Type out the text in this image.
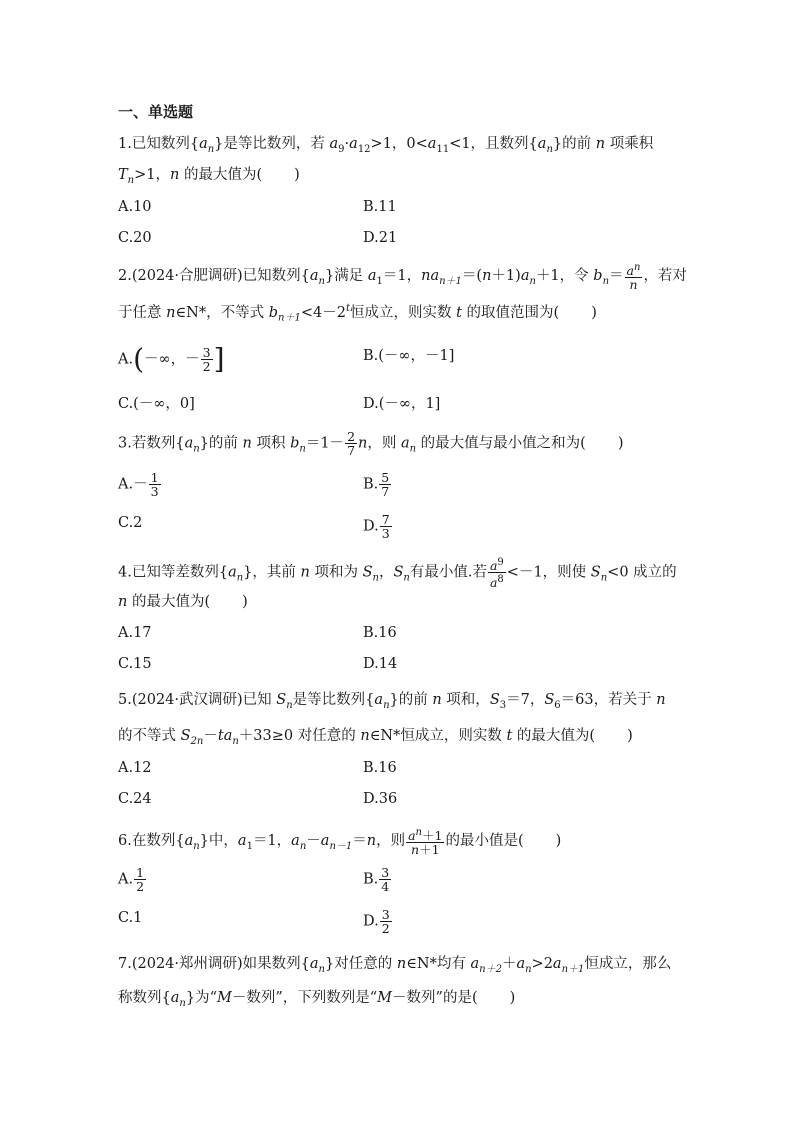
一、单选题
1.已知数列$\{a_n\}$是等比数列，若 $a_9\cdot a_{12}>1$，$0<a_{11}<1$，且数列$\{a_n\}$的前 n 项乘积
$T_n>1$，n 的最大值为( )
A.10	B.11
C.20	D.21
2.(2024·合肥调研)已知数列$\{a_n\}$满足 $a_1=1$，$na_{n+1}=(n+1)a_n+1$，令 $b_n= \frac{a^n}{n}$ ，若对
于任意 n∈N*，不等式 $b_{n+1}<4-2^t$恒成立，则实数 t 的取值范围为( )
A.(－∞，－ $\frac{3}{2}$ ]	B.(－∞，－1]
C.(－∞，0]	D.(－∞，1]
3.若数列$\{a_n\}$的前 n 项积 $b_n=1- \frac{2}{7}$ n，则 $a_n$ 的最大值与最小值之和为( )
$A.- \frac{1}{3}$	B. $\frac{5}{7}$
C.2	D. $\frac{7}{3}$
4.已知等差数列$\{a_n\}$，其前 n 项和为 $S_n$，$S_n$有最小值.若 $\frac{a^9}{a^8} <-1$，则使 $S_n<0$ 成立的
n 的最大值为( )
A.17	B.16
C.15	D.14
5.(2024·武汉调研)已知 $S_n$是等比数列$\{a_n\}$的前 n 项和，$S_3=7$，$S_6=63$，若关于 n
的不等式 $S_{2n}-ta_n+33\ge 0$ 对任意的 n∈N*恒成立，则实数 t 的最大值为( )
A.12	B.16
C.24	D.36
6.在数列$\{a_n\}$中，$a_1=1$，$a_n-a_{n-1}=n$，则 $\frac{a^n+1}{n+1}$ 的最小值是( )
A. $\frac{1}{2}$	B. $\frac{3}{4}$
C.1	D. $\frac{3}{2}$
7.(2024·郑州调研)如果数列$\{a_n\}$对任意的 n∈N*均有 $a_{n+2}+a_n>2a_{n+1}$恒成立，那么
称数列$\{a_n\}$为“M－数列”，下列数列是“M－数列”的是( )
